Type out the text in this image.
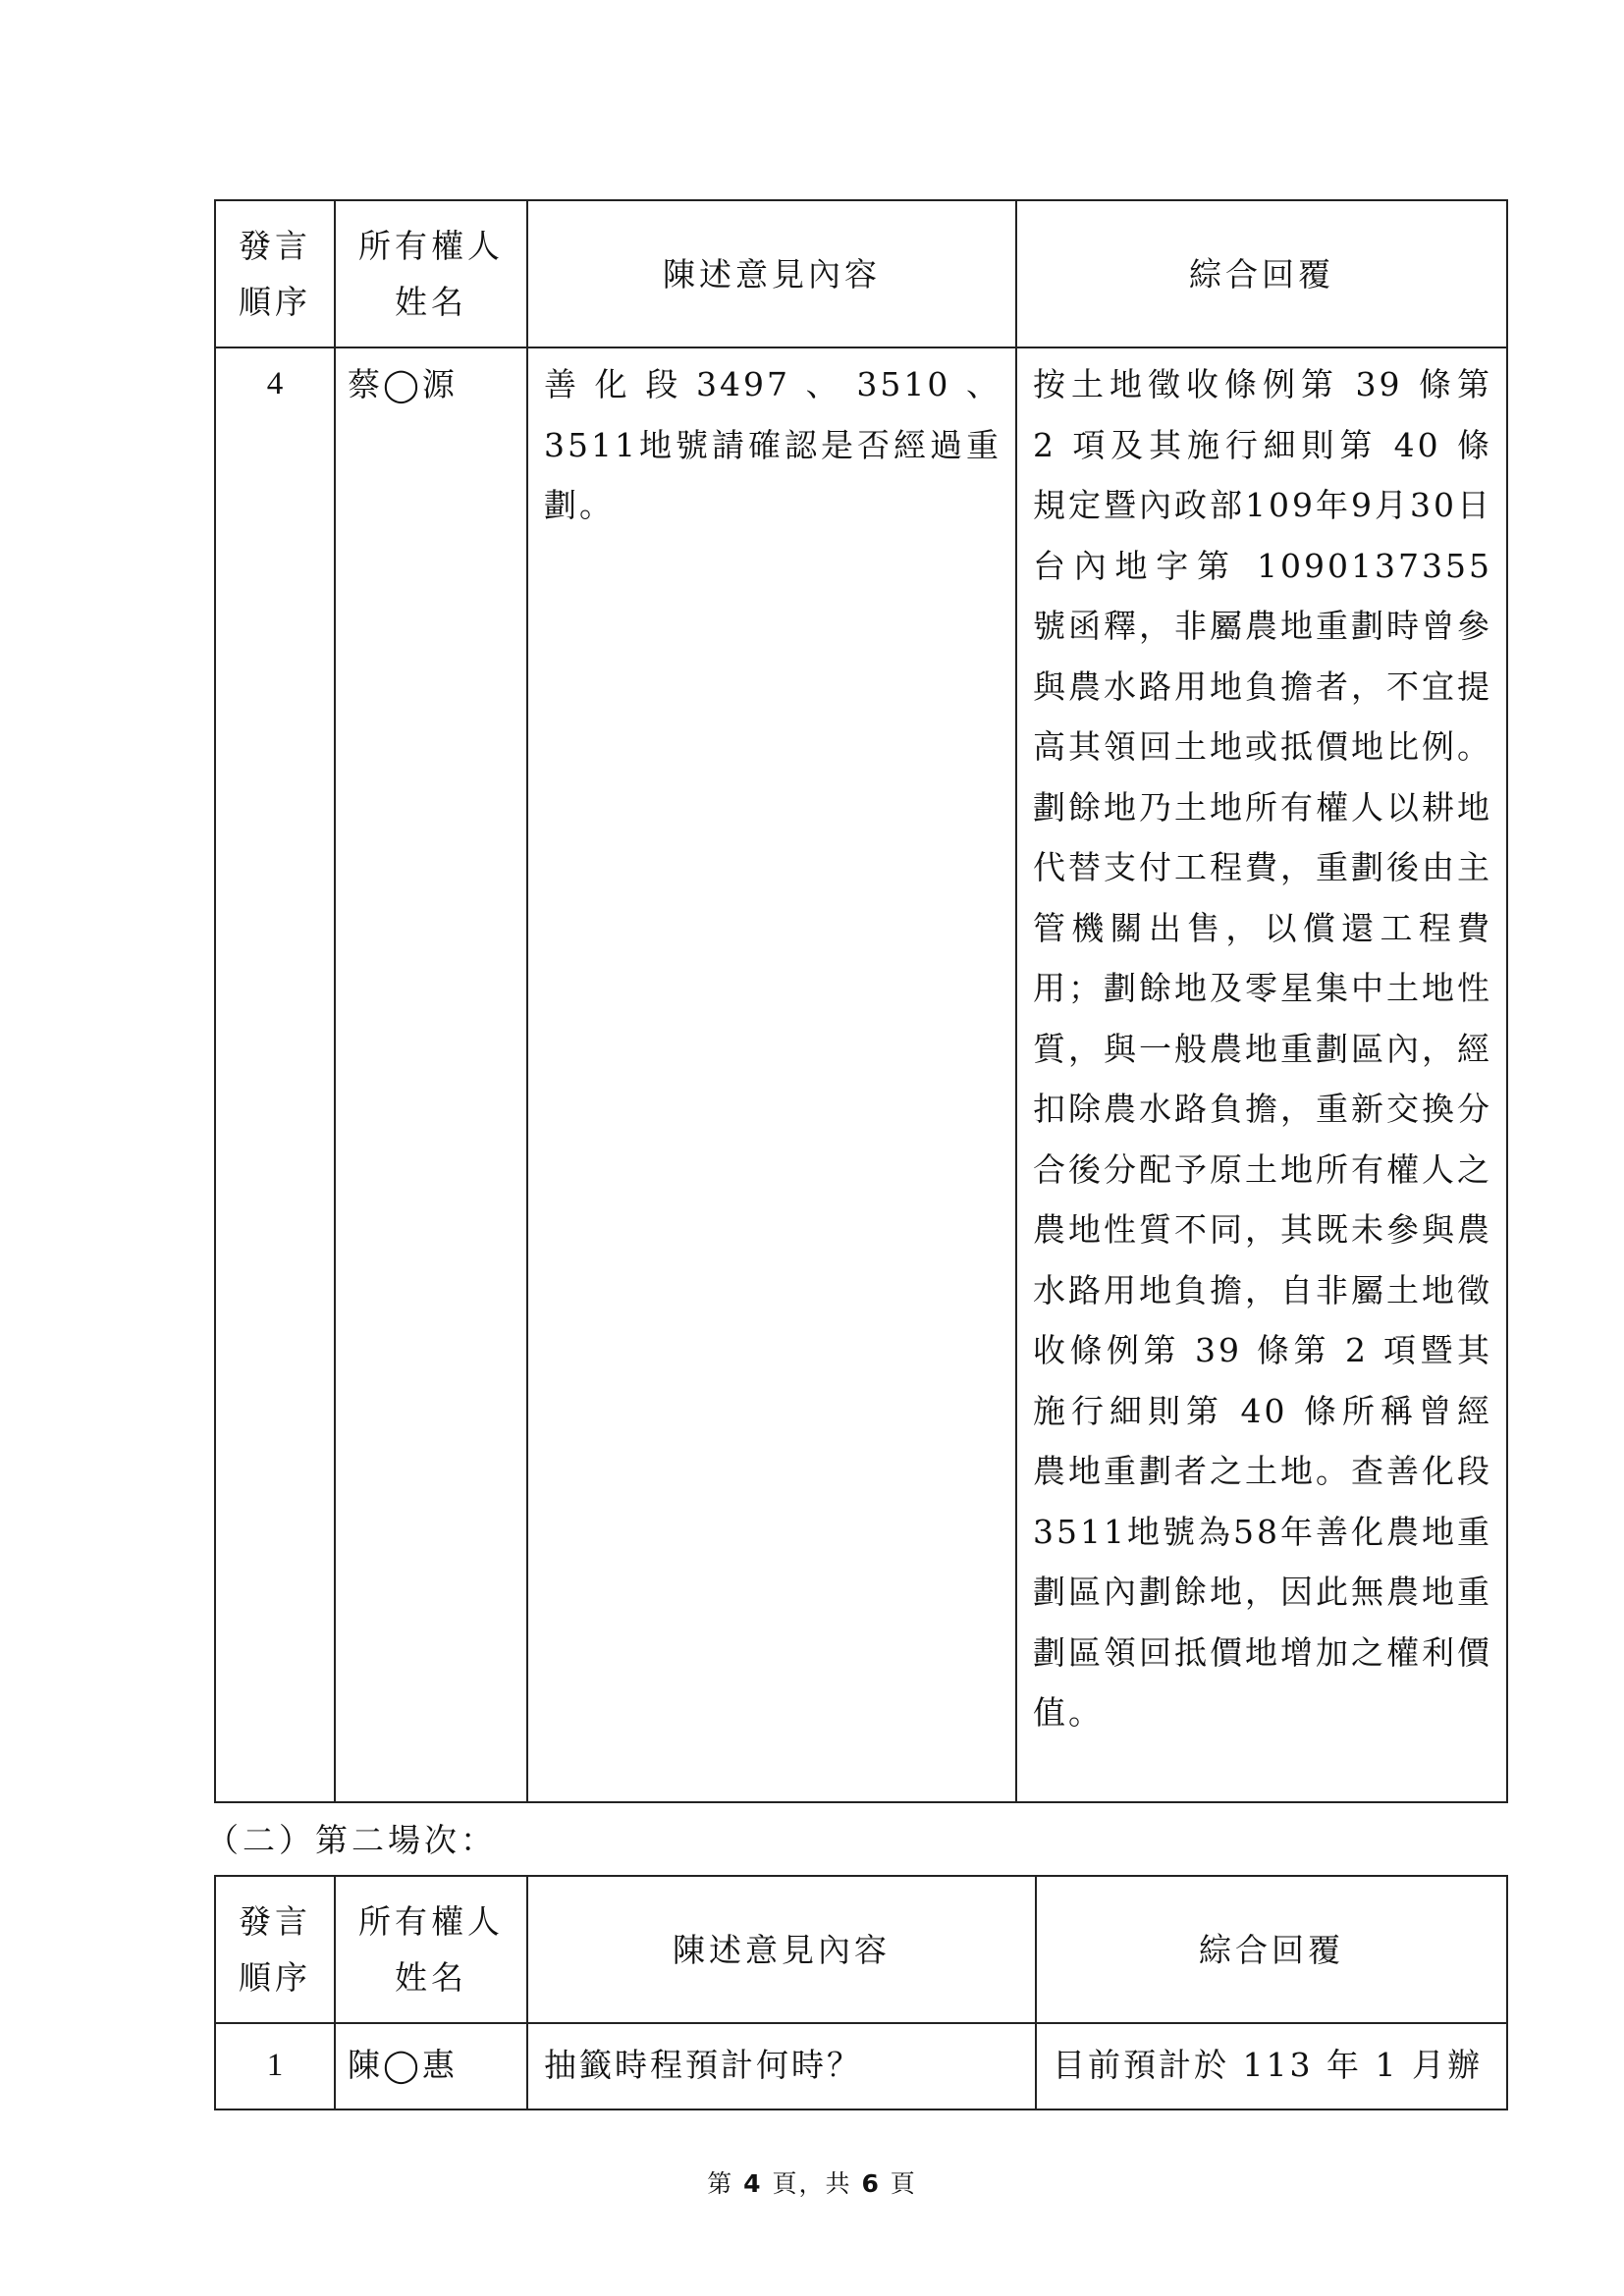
發言順序	所有權人姓名	陳述意見內容	綜合回覆
4	蔡◯源	善化段3497、3510、3511地號請確認是否經過重劃。	按土地徵收條例第 39 條第 2 項及其施行細則第 40 條規定暨內政部109年9月30日台內地字第 1090137355 號函釋，非屬農地重劃時曾參與農水路用地負擔者，不宜提高其領回土地或抵價地比例。劃餘地乃土地所有權人以耕地代替支付工程費，重劃後由主管機關出售，以償還工程費用；劃餘地及零星集中土地性質，與一般農地重劃區內，經扣除農水路負擔，重新交換分合後分配予原土地所有權人之農地性質不同，其既未參與農水路用地負擔，自非屬土地徵收條例第 39 條第 2 項暨其施行細則第 40 條所稱曾經農地重劃者之土地。查善化段3511地號為58年善化農地重劃區內劃餘地，因此無農地重劃區領回抵價地增加之權利價值。
（二）第二場次：
發言順序	所有權人姓名	陳述意見內容	綜合回覆
1	陳◯惠	抽籤時程預計何時？	目前預計於 113 年 1 月辦
第 4 頁，共 6 頁
